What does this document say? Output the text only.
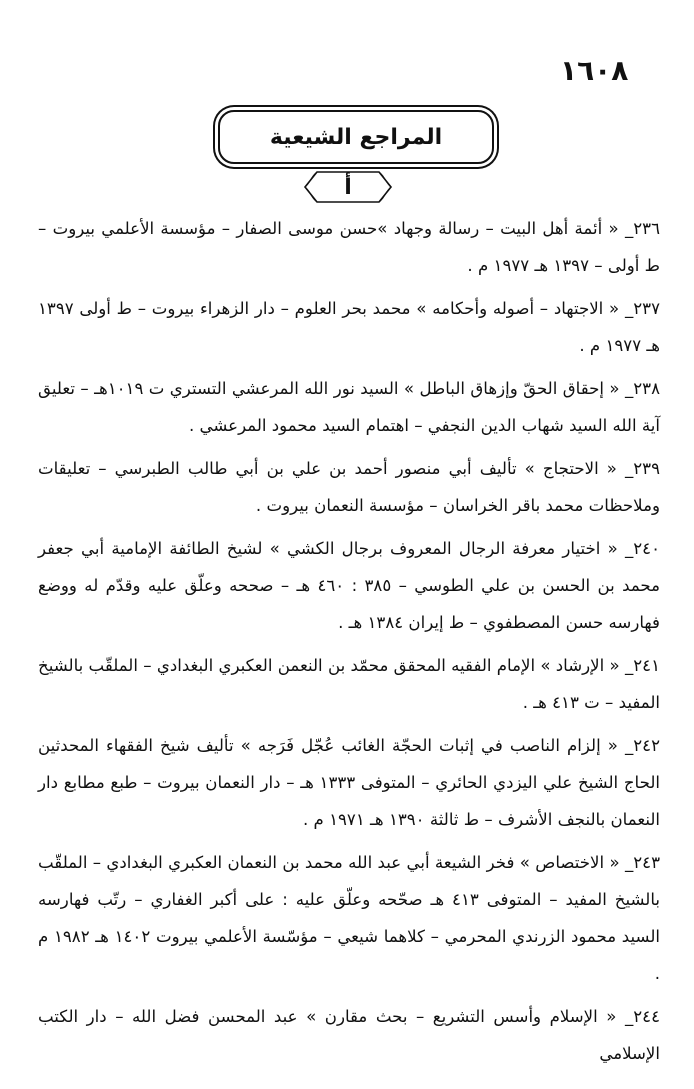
١٦٠٨
المراجع الشيعية
أ

٢٣٦_ « أئمة أهل البيت – رسالة وجهاد »حسن موسى الصفار – مؤسسة الأعلمي بيروت – ط أولى – ١٣٩٧ هـ ١٩٧٧ م .

٢٣٧_ « الاجتهاد – أصوله وأحكامه » محمد بحر العلوم – دار الزهراء بيروت – ط أولى ١٣٩٧ هـ ١٩٧٧ م .

٢٣٨_ « إحقاق الحقّ وإزهاق الباطل » السيد نور الله المرعشي التستري ت ١٠١٩هـ – تعليق آية الله السيد شهاب الدين النجفي – اهتمام السيد محمود المرعشي .

٢٣٩_ « الاحتجاج » تأليف أبي منصور أحمد بن علي بن أبي طالب الطبرسي – تعليقات وملاحظات محمد باقر الخراسان – مؤسسة النعمان بيروت .

٢٤٠_ « اختيار معرفة الرجال المعروف برجال الكشي » لشيخ الطائفة الإمامية أبي جعفر محمد بن الحسن بن علي الطوسي – ٣٨٥ : ٤٦٠ هـ – صححه وعلّق عليه وقدّم له ووضع فهارسه حسن المصطفوي – ط إيران ١٣٨٤ هـ .

٢٤١_ « الإرشاد » الإمام الفقيه المحقق محمّد بن النعمن العكبري البغدادي – الملقّب بالشيخ المفيد – ت ٤١٣ هـ .

٢٤٢_ « إلزام الناصب في إثبات الحجّة الغائب عُجّل فَرَجه » تأليف شيخ الفقهاء المحدثين الحاج الشيخ علي اليزدي الحائري – المتوفى ١٣٣٣ هـ – دار النعمان بيروت – طبع مطابع دار النعمان بالنجف الأشرف – ط ثالثة ١٣٩٠ هـ ١٩٧١ م .

٢٤٣_ « الاختصاص » فخر الشيعة أبي عبد الله محمد بن النعمان العكبري البغدادي – الملقّب بالشيخ المفيد – المتوفى ٤١٣ هـ صحّحه وعلّق عليه : على أكبر الغفاري – رتّب فهارسه السيد محمود الزرندي المحرمي – كلاهما شيعي – مؤسّسة الأعلمي بيروت ١٤٠٢ هـ ١٩٨٢ م .

٢٤٤_ « الإسلام وأسس التشريع – بحث مقارن » عبد المحسن فضل الله – دار الكتب الإسلامي
